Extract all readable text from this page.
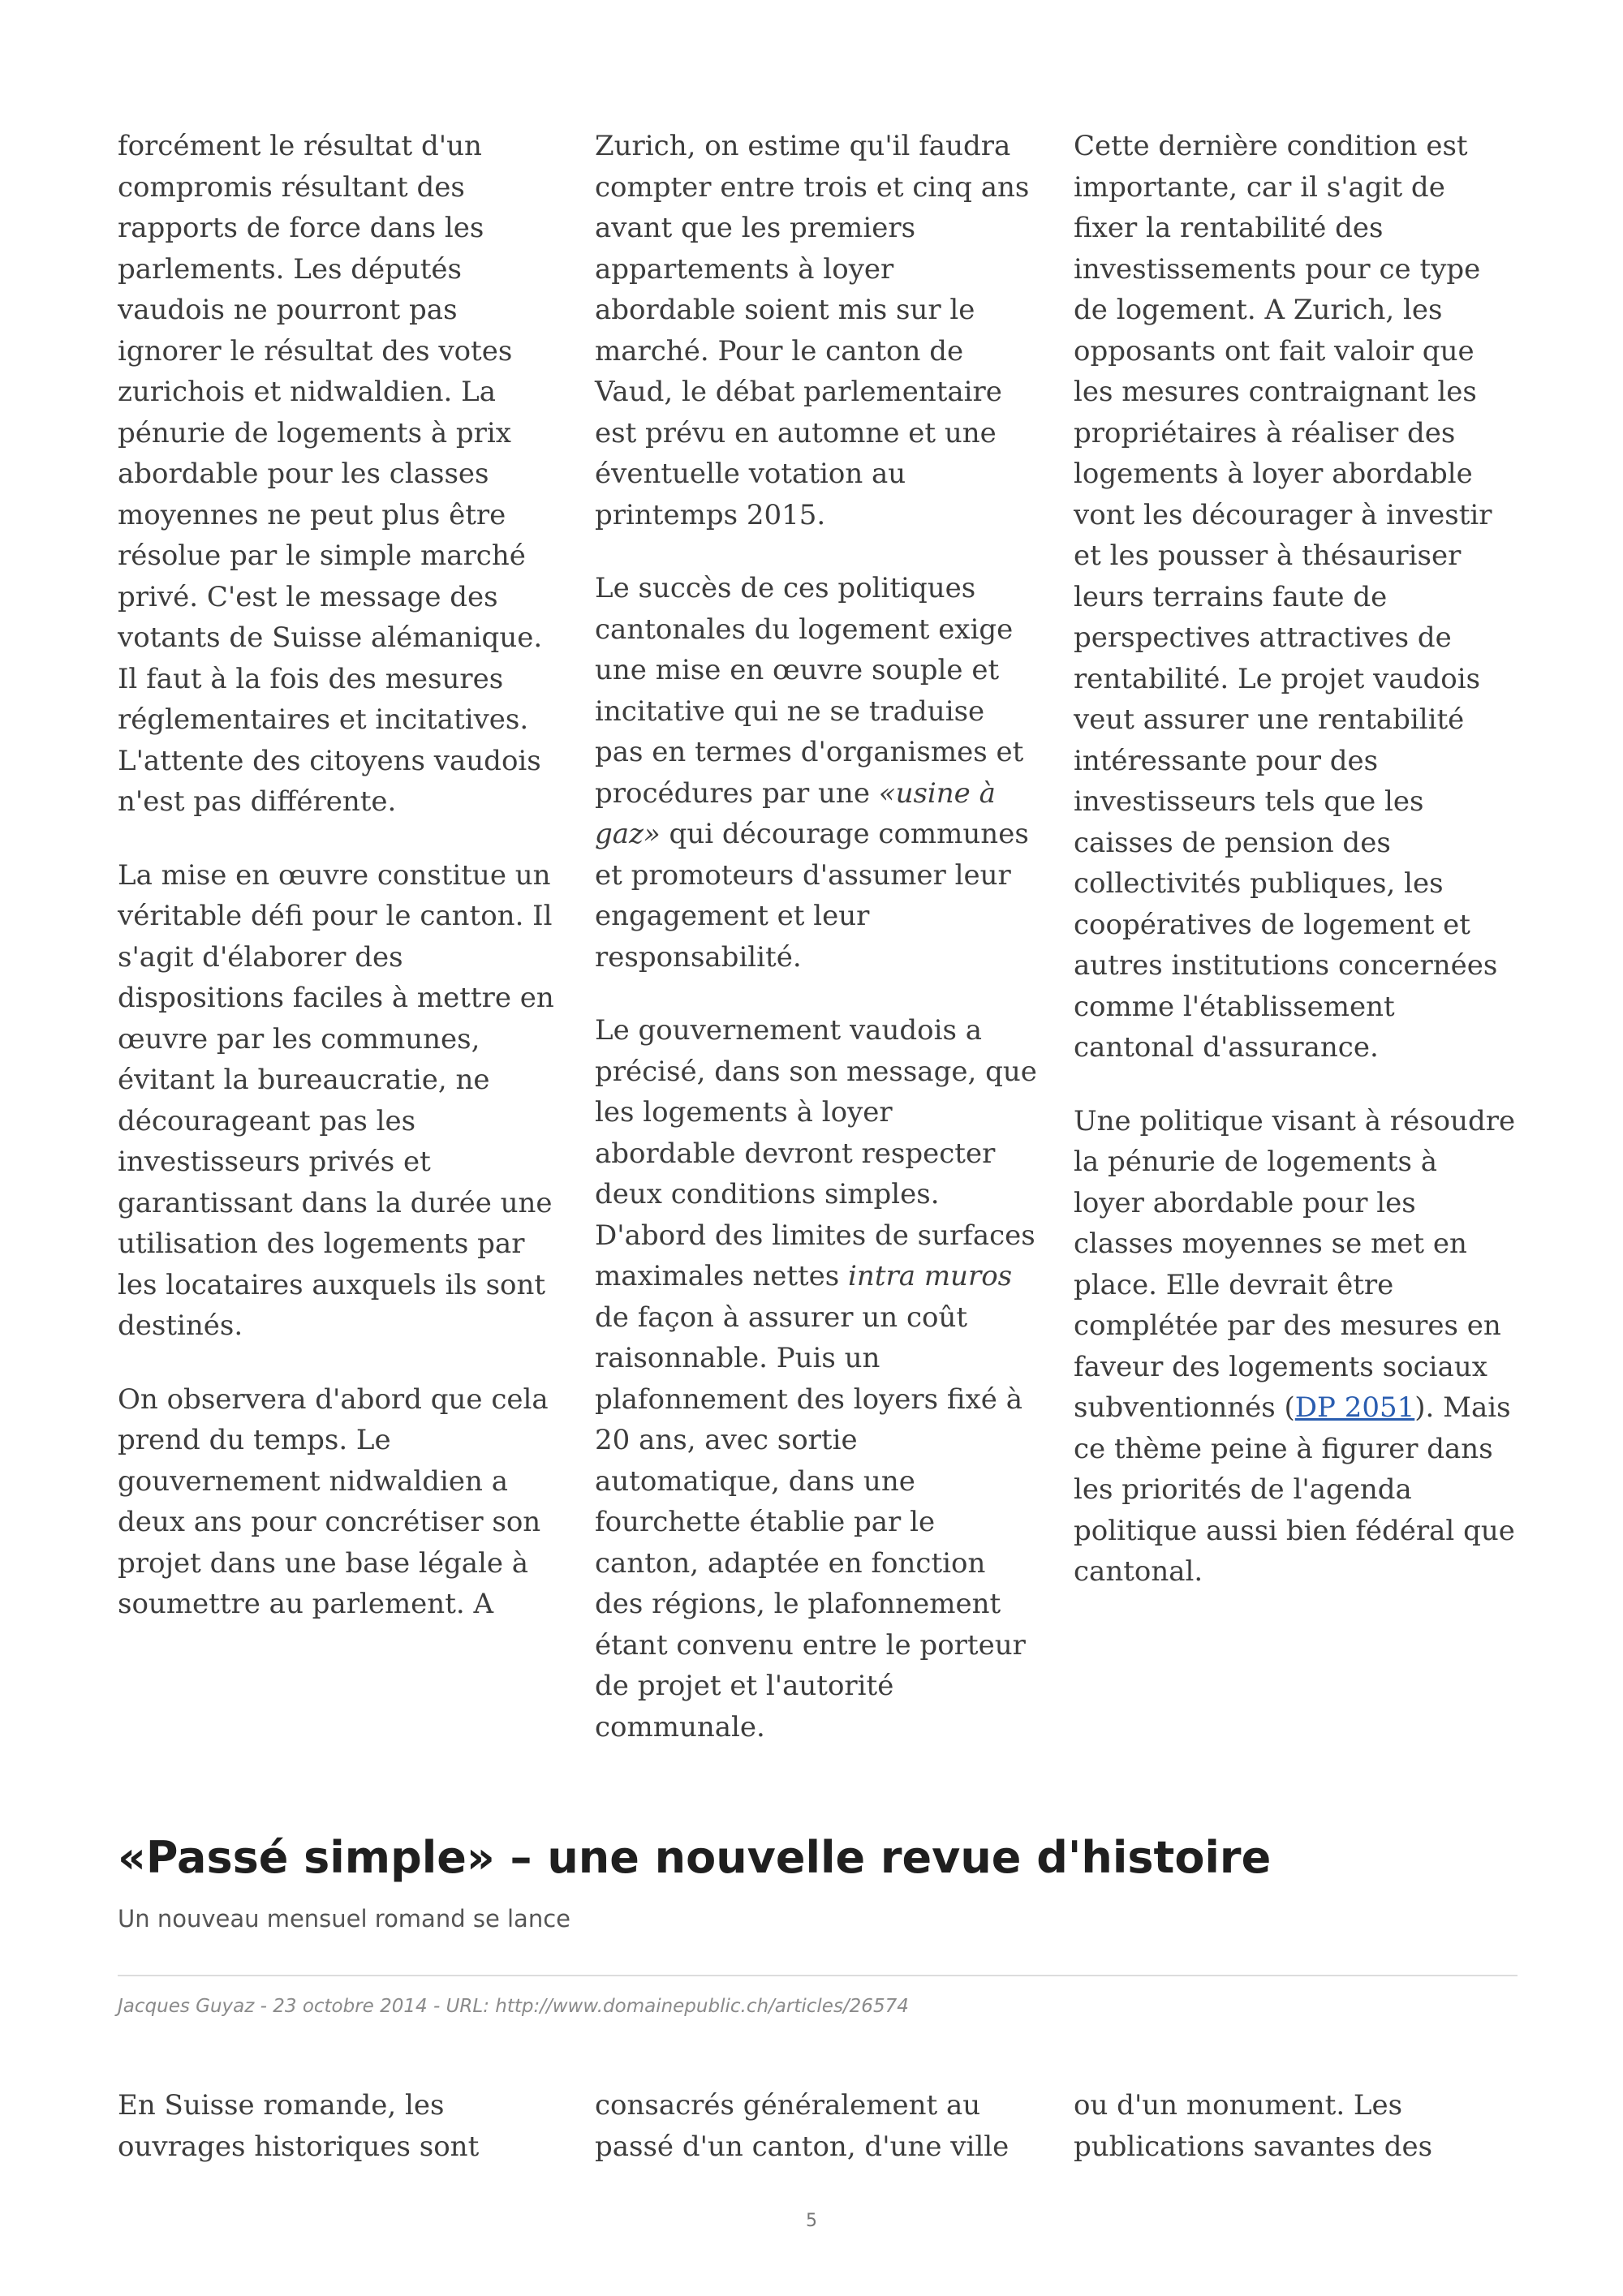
forcément le résultat d'un compromis résultant des rapports de force dans les parlements. Les députés vaudois ne pourront pas ignorer le résultat des votes zurichois et nidwaldien. La pénurie de logements à prix abordable pour les classes moyennes ne peut plus être résolue par le simple marché privé. C'est le message des votants de Suisse alémanique. Il faut à la fois des mesures réglementaires et incitatives. L'attente des citoyens vaudois n'est pas différente.

La mise en œuvre constitue un véritable défi pour le canton. Il s'agit d'élaborer des dispositions faciles à mettre en œuvre par les communes, évitant la bureaucratie, ne décourageant pas les investisseurs privés et garantissant dans la durée une utilisation des logements par les locataires auxquels ils sont destinés.

On observera d'abord que cela prend du temps. Le gouvernement nidwaldien a deux ans pour concrétiser son projet dans une base légale à soumettre au parlement. A

Zurich, on estime qu'il faudra compter entre trois et cinq ans avant que les premiers appartements à loyer abordable soient mis sur le marché. Pour le canton de Vaud, le débat parlementaire est prévu en automne et une éventuelle votation au printemps 2015.

Le succès de ces politiques cantonales du logement exige une mise en œuvre souple et incitative qui ne se traduise pas en termes d'organismes et procédures par une «usine à gaz» qui décourage communes et promoteurs d'assumer leur engagement et leur responsabilité.

Le gouvernement vaudois a précisé, dans son message, que les logements à loyer abordable devront respecter deux conditions simples. D'abord des limites de surfaces maximales nettes intra muros de façon à assurer un coût raisonnable. Puis un plafonnement des loyers fixé à 20 ans, avec sortie automatique, dans une fourchette établie par le canton, adaptée en fonction des régions, le plafonnement étant convenu entre le porteur de projet et l'autorité communale.

Cette dernière condition est importante, car il s'agit de fixer la rentabilité des investissements pour ce type de logement. A Zurich, les opposants ont fait valoir que les mesures contraignant les propriétaires à réaliser des logements à loyer abordable vont les décourager à investir et les pousser à thésauriser leurs terrains faute de perspectives attractives de rentabilité. Le projet vaudois veut assurer une rentabilité intéressante pour des investisseurs tels que les caisses de pension des collectivités publiques, les coopératives de logement et autres institutions concernées comme l'établissement cantonal d'assurance.

Une politique visant à résoudre la pénurie de logements à loyer abordable pour les classes moyennes se met en place. Elle devrait être complétée par des mesures en faveur des logements sociaux subventionnés (DP 2051). Mais ce thème peine à figurer dans les priorités de l'agenda politique aussi bien fédéral que cantonal.

«Passé simple» – une nouvelle revue d'histoire
Un nouveau mensuel romand se lance
Jacques Guyaz - 23 octobre 2014 - URL: http://www.domainepublic.ch/articles/26574

En Suisse romande, les ouvrages historiques sont

consacrés généralement au passé d'un canton, d'une ville

ou d'un monument. Les publications savantes des

5
